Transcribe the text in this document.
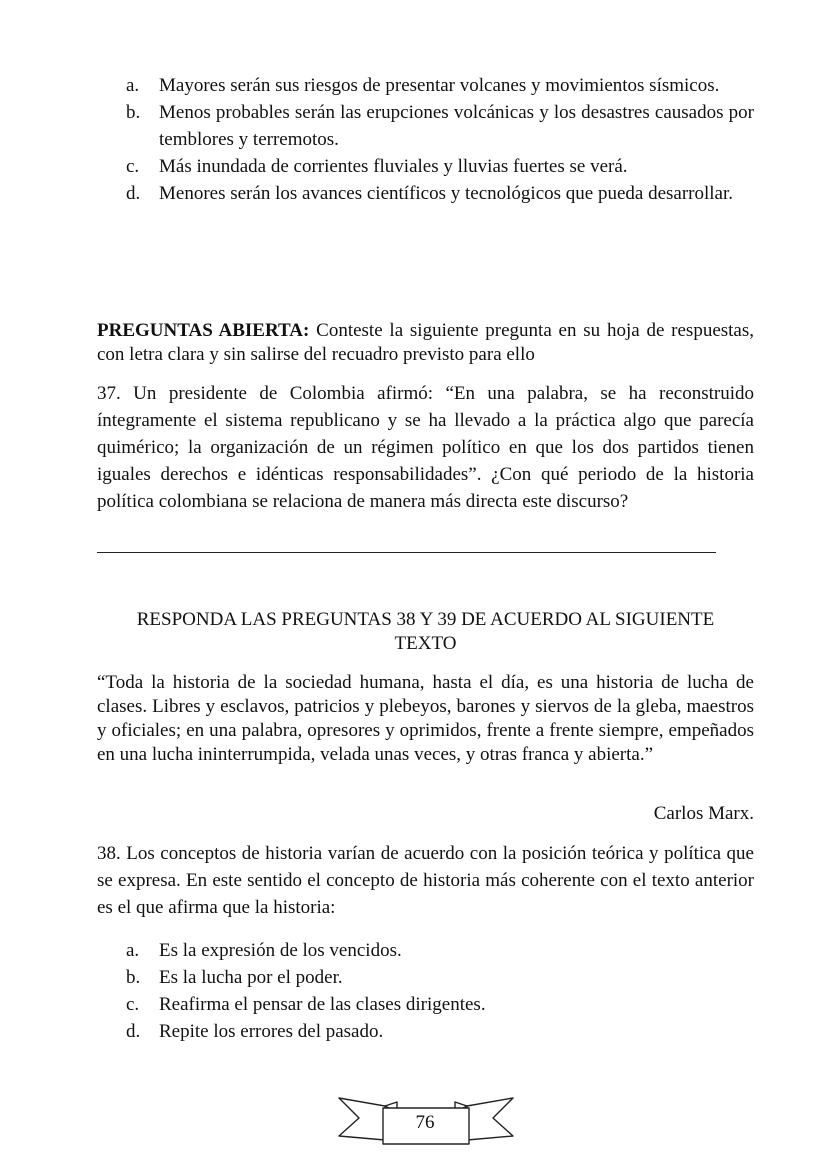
a. Mayores serán sus riesgos de presentar volcanes y movimientos sísmicos.
b. Menos probables serán las erupciones volcánicas y los desastres causados por temblores y terremotos.
c. Más inundada de corrientes fluviales y lluvias fuertes se verá.
d. Menores serán los avances científicos y tecnológicos que pueda desarrollar.

PREGUNTAS ABIERTA: Conteste la siguiente pregunta en su hoja de respuestas, con letra clara y sin salirse del recuadro previsto para ello

37. Un presidente de Colombia afirmó: “En una palabra, se ha reconstruido íntegramente el sistema republicano y se ha llevado a la práctica algo que parecía quimérico; la organización de un régimen político en que los dos partidos tienen iguales derechos e idénticas responsabilidades”. ¿Con qué periodo de la historia política colombiana se relaciona de manera más directa este discurso?

RESPONDA LAS PREGUNTAS 38 Y 39 DE ACUERDO AL SIGUIENTE
TEXTO

“Toda la historia de la sociedad humana, hasta el día, es una historia de lucha de clases. Libres y esclavos, patricios y plebeyos, barones y siervos de la gleba, maestros y oficiales; en una palabra, opresores y oprimidos, frente a frente siempre, empeñados en una lucha ininterrumpida, velada unas veces, y otras franca y abierta.”

Carlos Marx.

38. Los conceptos de historia varían de acuerdo con la posición teórica y política que se expresa. En este sentido el concepto de historia más coherente con el texto anterior es el que afirma que la historia:

a. Es la expresión de los vencidos.
b. Es la lucha por el poder.
c. Reafirma el pensar de las clases dirigentes.
d. Repite los errores del pasado.
76
